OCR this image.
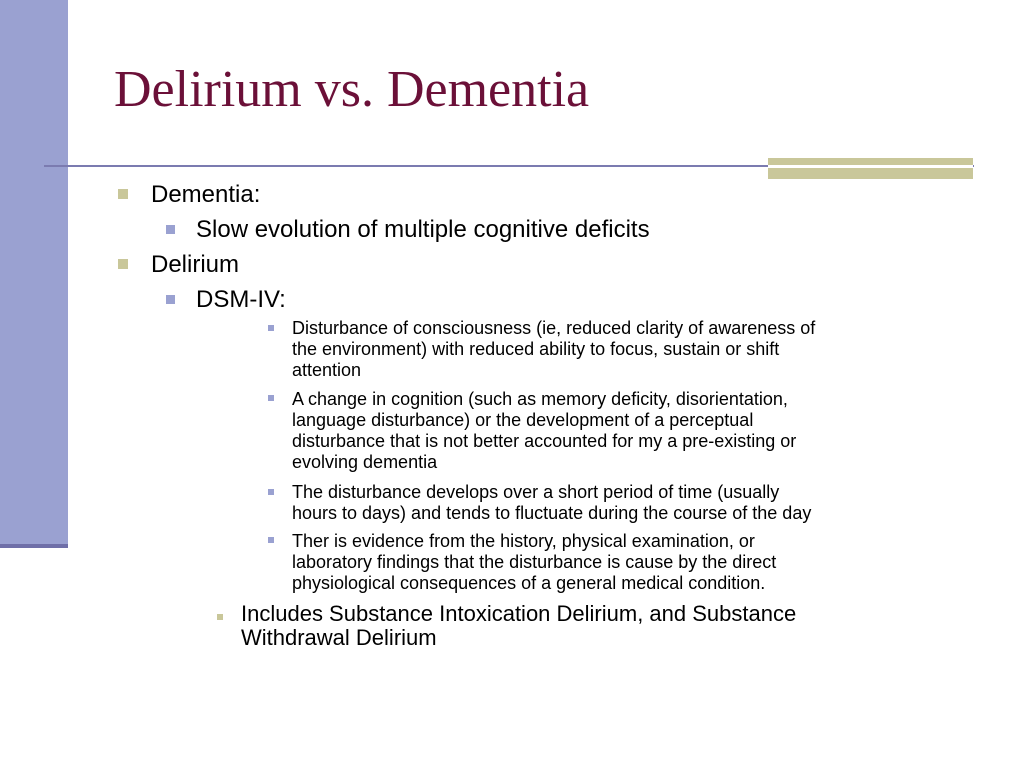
Delirium vs. Dementia
Dementia:
Slow evolution of multiple cognitive deficits
Delirium
DSM-IV:
Disturbance of consciousness (ie, reduced clarity of awareness of
the environment) with reduced ability to focus, sustain or shift
attention
A change in cognition (such as memory deficity, disorientation,
language disturbance) or the development of a perceptual
disturbance that is not better accounted for my a pre-existing or
evolving dementia
The disturbance develops over a short period of time (usually
hours to days) and tends to fluctuate during the course of the day
Ther is evidence from the history, physical examination, or
laboratory findings that the disturbance is cause by the direct
physiological consequences of a general medical condition.
Includes Substance Intoxication Delirium, and Substance
Withdrawal Delirium
